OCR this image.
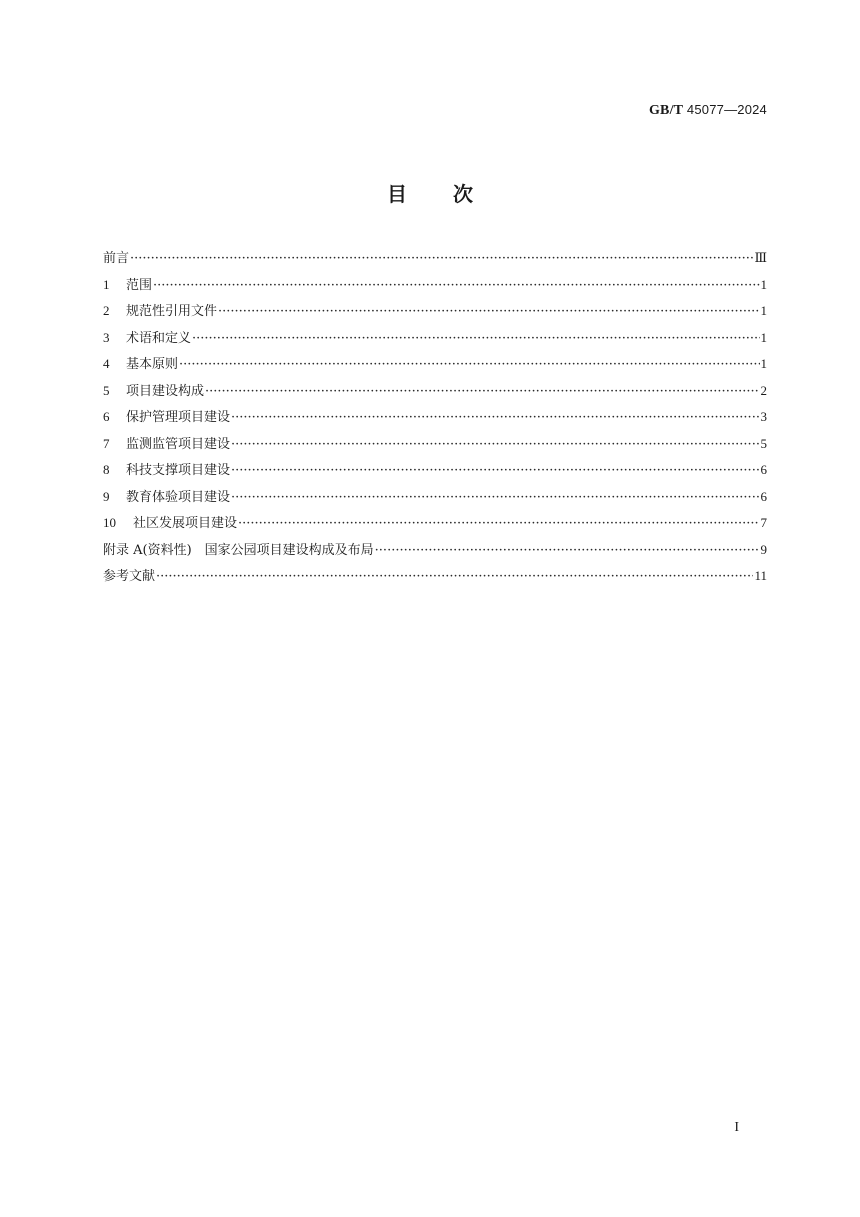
GB/T 45077—2024
目 次
前言 ·····	Ⅲ
1	范围 ·····	1
2	规范性引用文件 ·····	1
3	术语和定义 ·····	1
4	基本原则 ·····	1
5	项目建设构成 ·····	2
6	保护管理项目建设 ·····	3
7	监测监管项目建设 ·····	5
8	科技支撑项目建设 ·····	6
9	教育体验项目建设 ·····	6
10	社区发展项目建设 ·····	7
附录 A(资料性)　国家公园项目建设构成及布局 ·····	9
参考文献 ·····	11
I
